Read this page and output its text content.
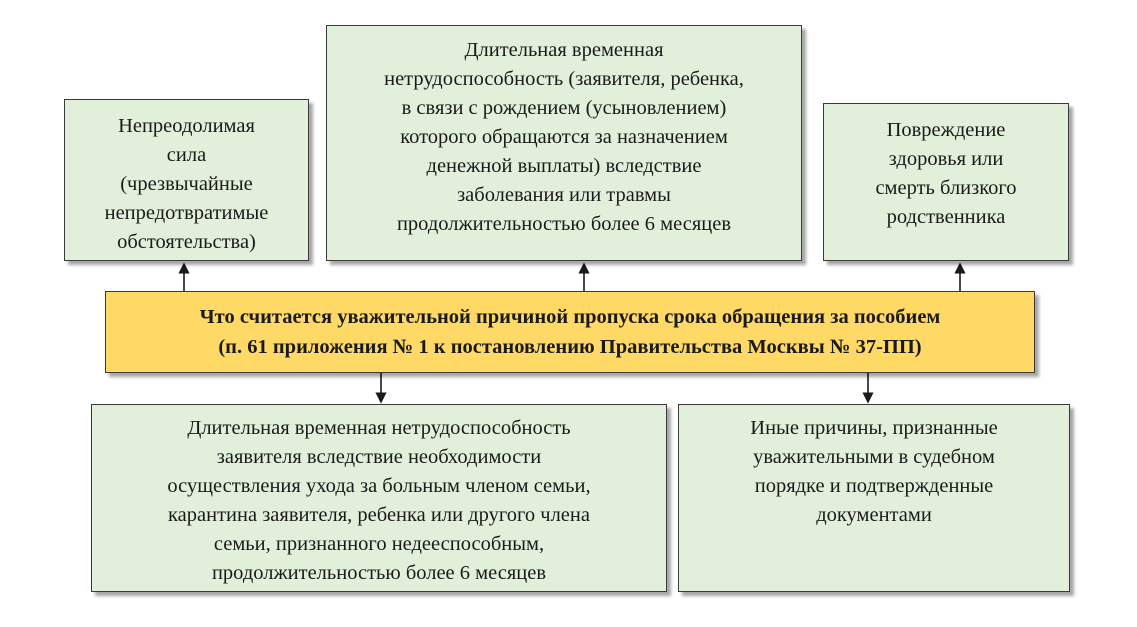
Непреодолимая
сила
(чрезвычайные
непредотвратимые
обстоятельства)
Длительная временная
нетрудоспособность (заявителя, ребенка,
в связи с рождением (усыновлением)
которого обращаются за назначением
денежной выплаты) вследствие
заболевания или травмы
продолжительностью более 6 месяцев
Повреждение
здоровья или
смерть близкого
родственника
Что считается уважительной причиной пропуска срока обращения за пособием
(п. 61 приложения № 1 к постановлению Правительства Москвы № 37-ПП)
Длительная временная нетрудоспособность
заявителя вследствие необходимости
осуществления ухода за больным членом семьи,
карантина заявителя, ребенка или другого члена
семьи, признанного недееспособным,
продолжительностью более 6 месяцев
Иные причины, признанные
уважительными в судебном
порядке и подтвержденные
документами
